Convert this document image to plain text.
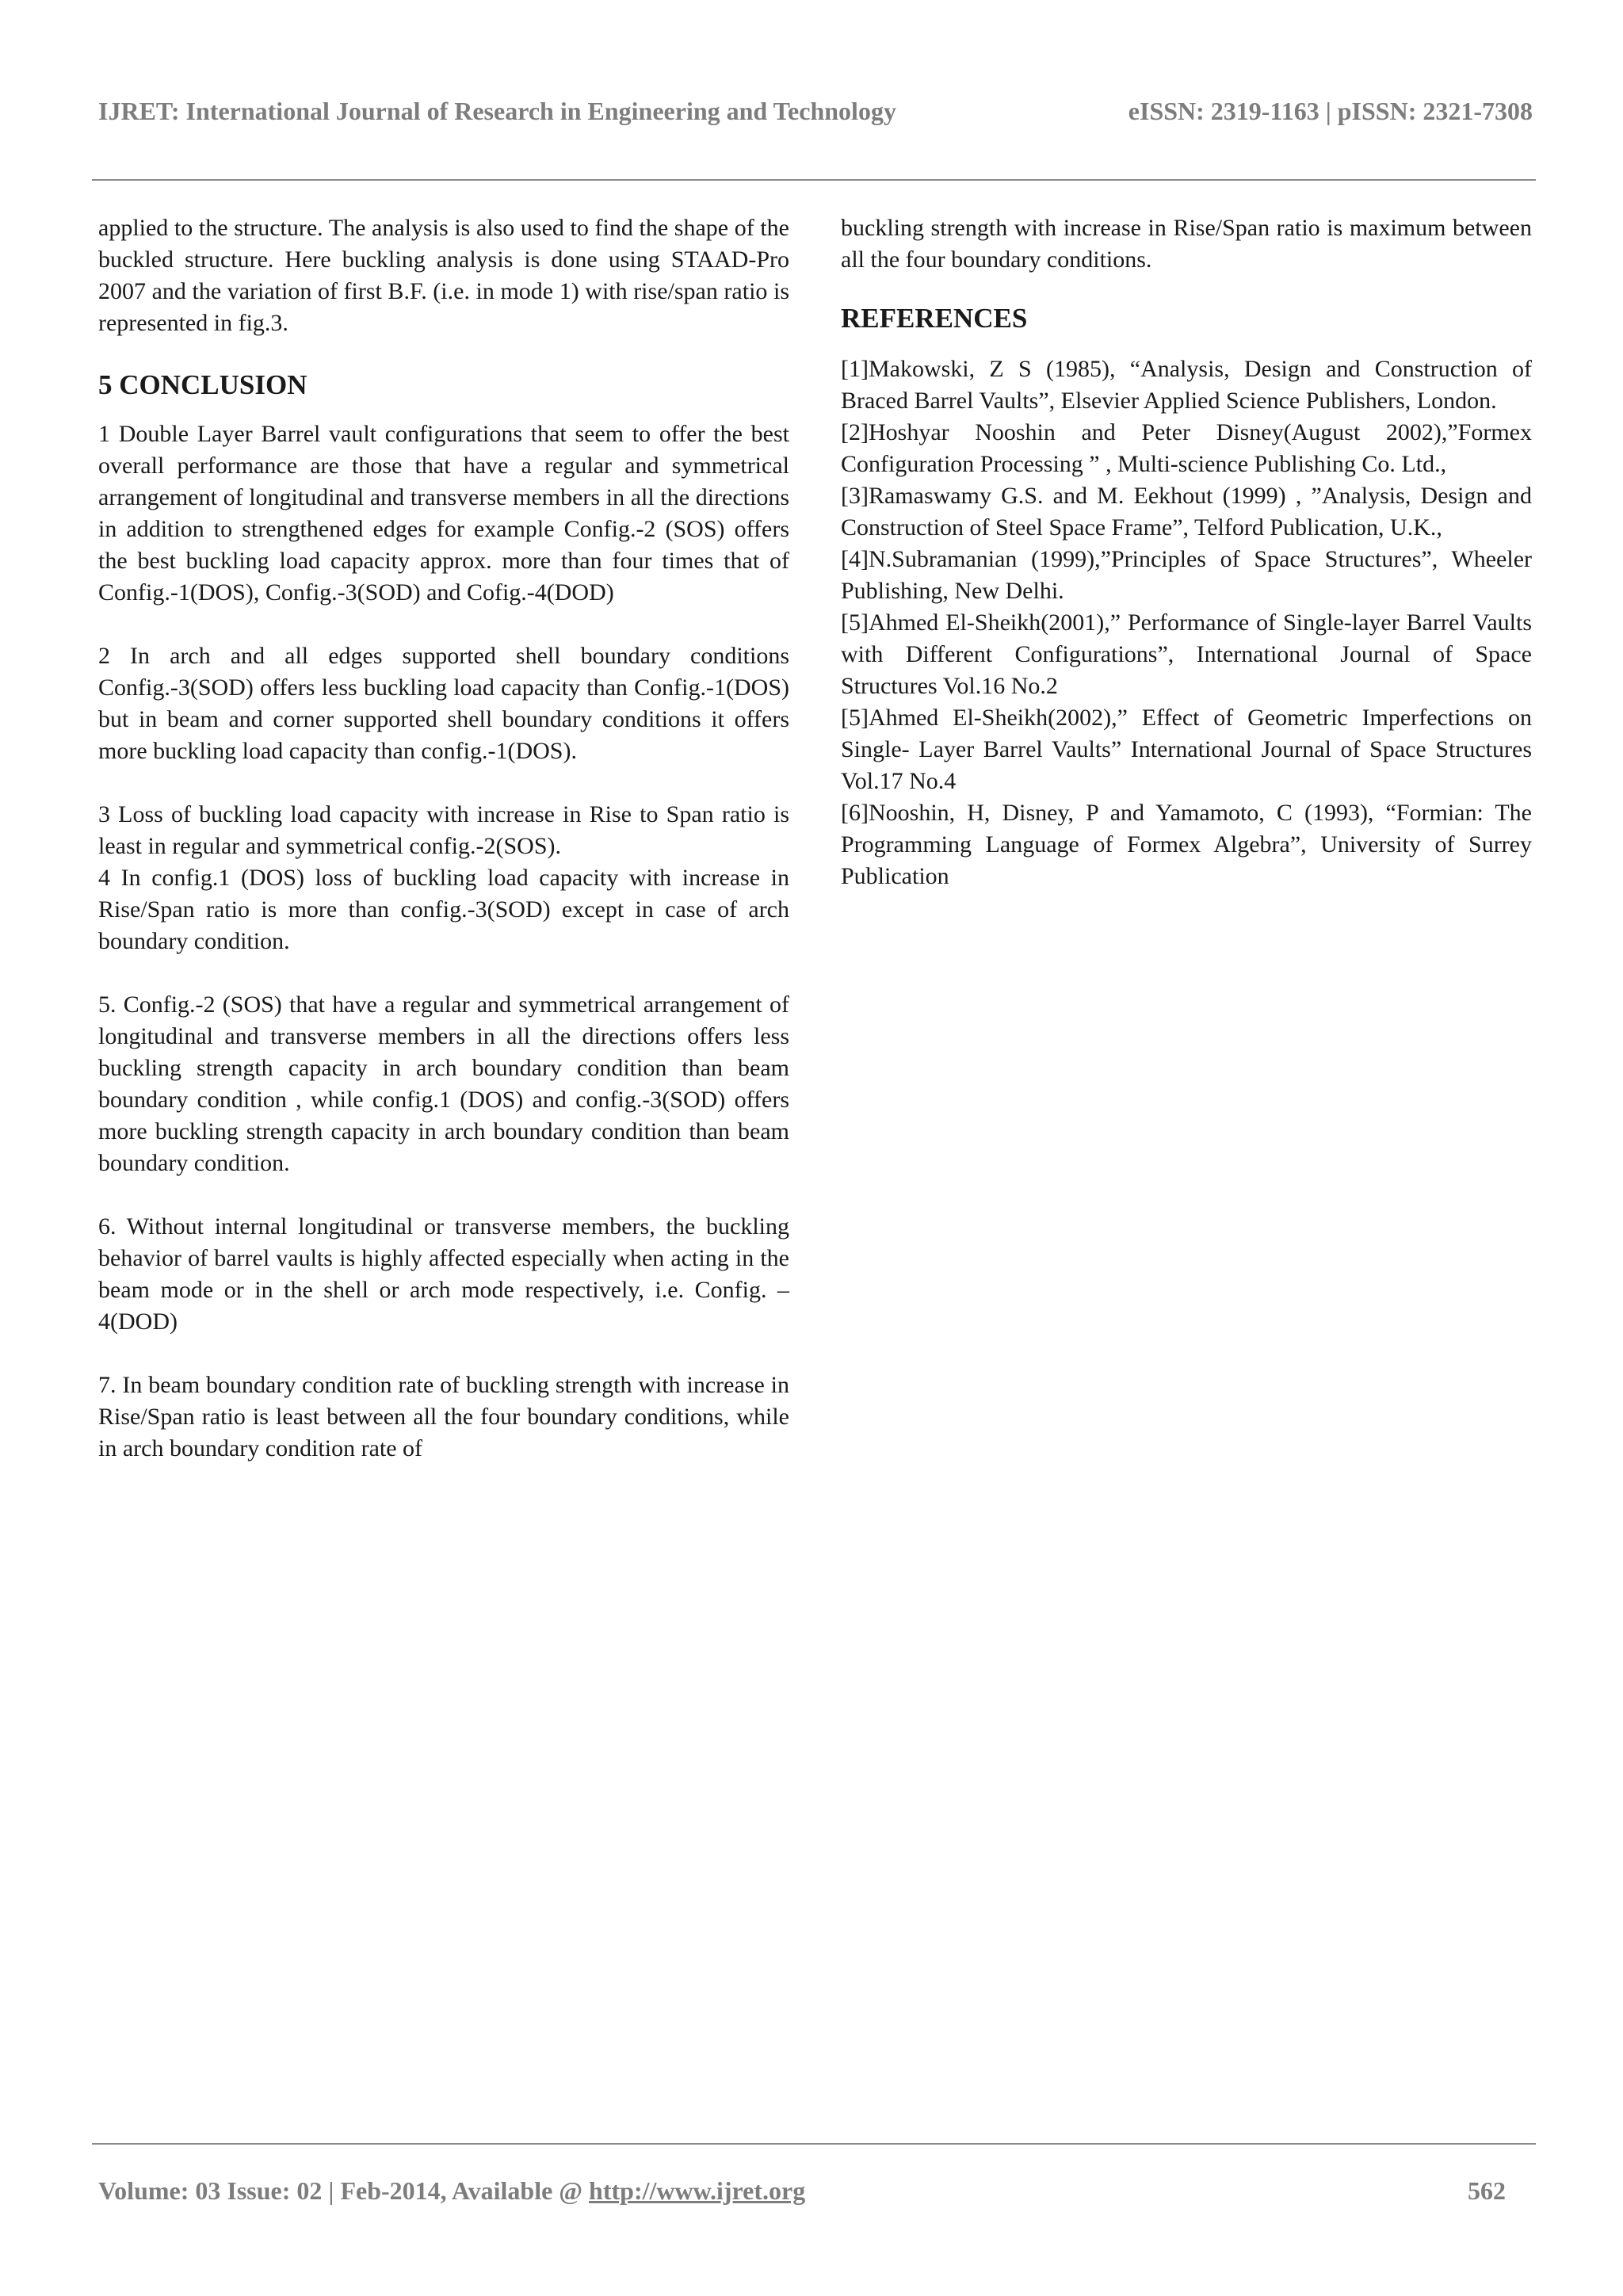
IJRET: International Journal of Research in Engineering and Technology	eISSN: 2319-1163 | pISSN: 2321-7308

applied to the structure. The analysis is also used to find the shape of the buckled structure. Here buckling analysis is done using STAAD-Pro 2007 and the variation of first B.F. (i.e. in mode 1) with rise/span ratio is represented in fig.3.

5 CONCLUSION

1 Double Layer Barrel vault configurations that seem to offer the best overall performance are those that have a regular and symmetrical arrangement of longitudinal and transverse members in all the directions in addition to strengthened edges for example Config.-2 (SOS) offers the best buckling load capacity approx. more than four times that of Config.-1(DOS), Config.-3(SOD) and Cofig.-4(DOD)

2 In arch and all edges supported shell boundary conditions Config.-3(SOD) offers less buckling load capacity than Config.-1(DOS) but in beam and corner supported shell boundary conditions it offers more buckling load capacity than config.-1(DOS).

3 Loss of buckling load capacity with increase in Rise to Span ratio is least in regular and symmetrical config.-2(SOS).

4 In config.1 (DOS) loss of buckling load capacity with increase in Rise/Span ratio is more than config.-3(SOD) except in case of arch boundary condition.

5. Config.-2 (SOS) that have a regular and symmetrical arrangement of longitudinal and transverse members in all the directions offers less buckling strength capacity in arch boundary condition than beam boundary condition , while config.1 (DOS) and config.-3(SOD) offers more buckling strength capacity in arch boundary condition than beam boundary condition.

6. Without internal longitudinal or transverse members, the buckling behavior of barrel vaults is highly affected especially when acting in the beam mode or in the shell or arch mode respectively, i.e. Config. – 4(DOD)

7. In beam boundary condition rate of buckling strength with increase in Rise/Span ratio is least between all the four boundary conditions, while in arch boundary condition rate of

buckling strength with increase in Rise/Span ratio is maximum between all the four boundary conditions.

REFERENCES

[1]Makowski, Z S (1985), “Analysis, Design and Construction of Braced Barrel Vaults”, Elsevier Applied Science Publishers, London.

[2]Hoshyar Nooshin and Peter Disney(August 2002),”Formex Configuration Processing ” , Multi-science Publishing Co. Ltd.,

[3]Ramaswamy G.S. and M. Eekhout (1999) , ”Analysis, Design and Construction of Steel Space Frame”, Telford Publication, U.K.,

[4]N.Subramanian (1999),”Principles of Space Structures”, Wheeler Publishing, New Delhi.

[5]Ahmed El-Sheikh(2001),” Performance of Single-layer Barrel Vaults with Different Configurations”, International Journal of Space Structures Vol.16 No.2

[5]Ahmed El-Sheikh(2002),” Effect of Geometric Imperfections on Single- Layer Barrel Vaults” International Journal of Space Structures Vol.17 No.4

[6]Nooshin, H, Disney, P and Yamamoto, C (1993), “Formian: The Programming Language of Formex Algebra”, University of Surrey Publication

Volume: 03 Issue: 02 | Feb-2014, Available @ http://www.ijret.org	562
